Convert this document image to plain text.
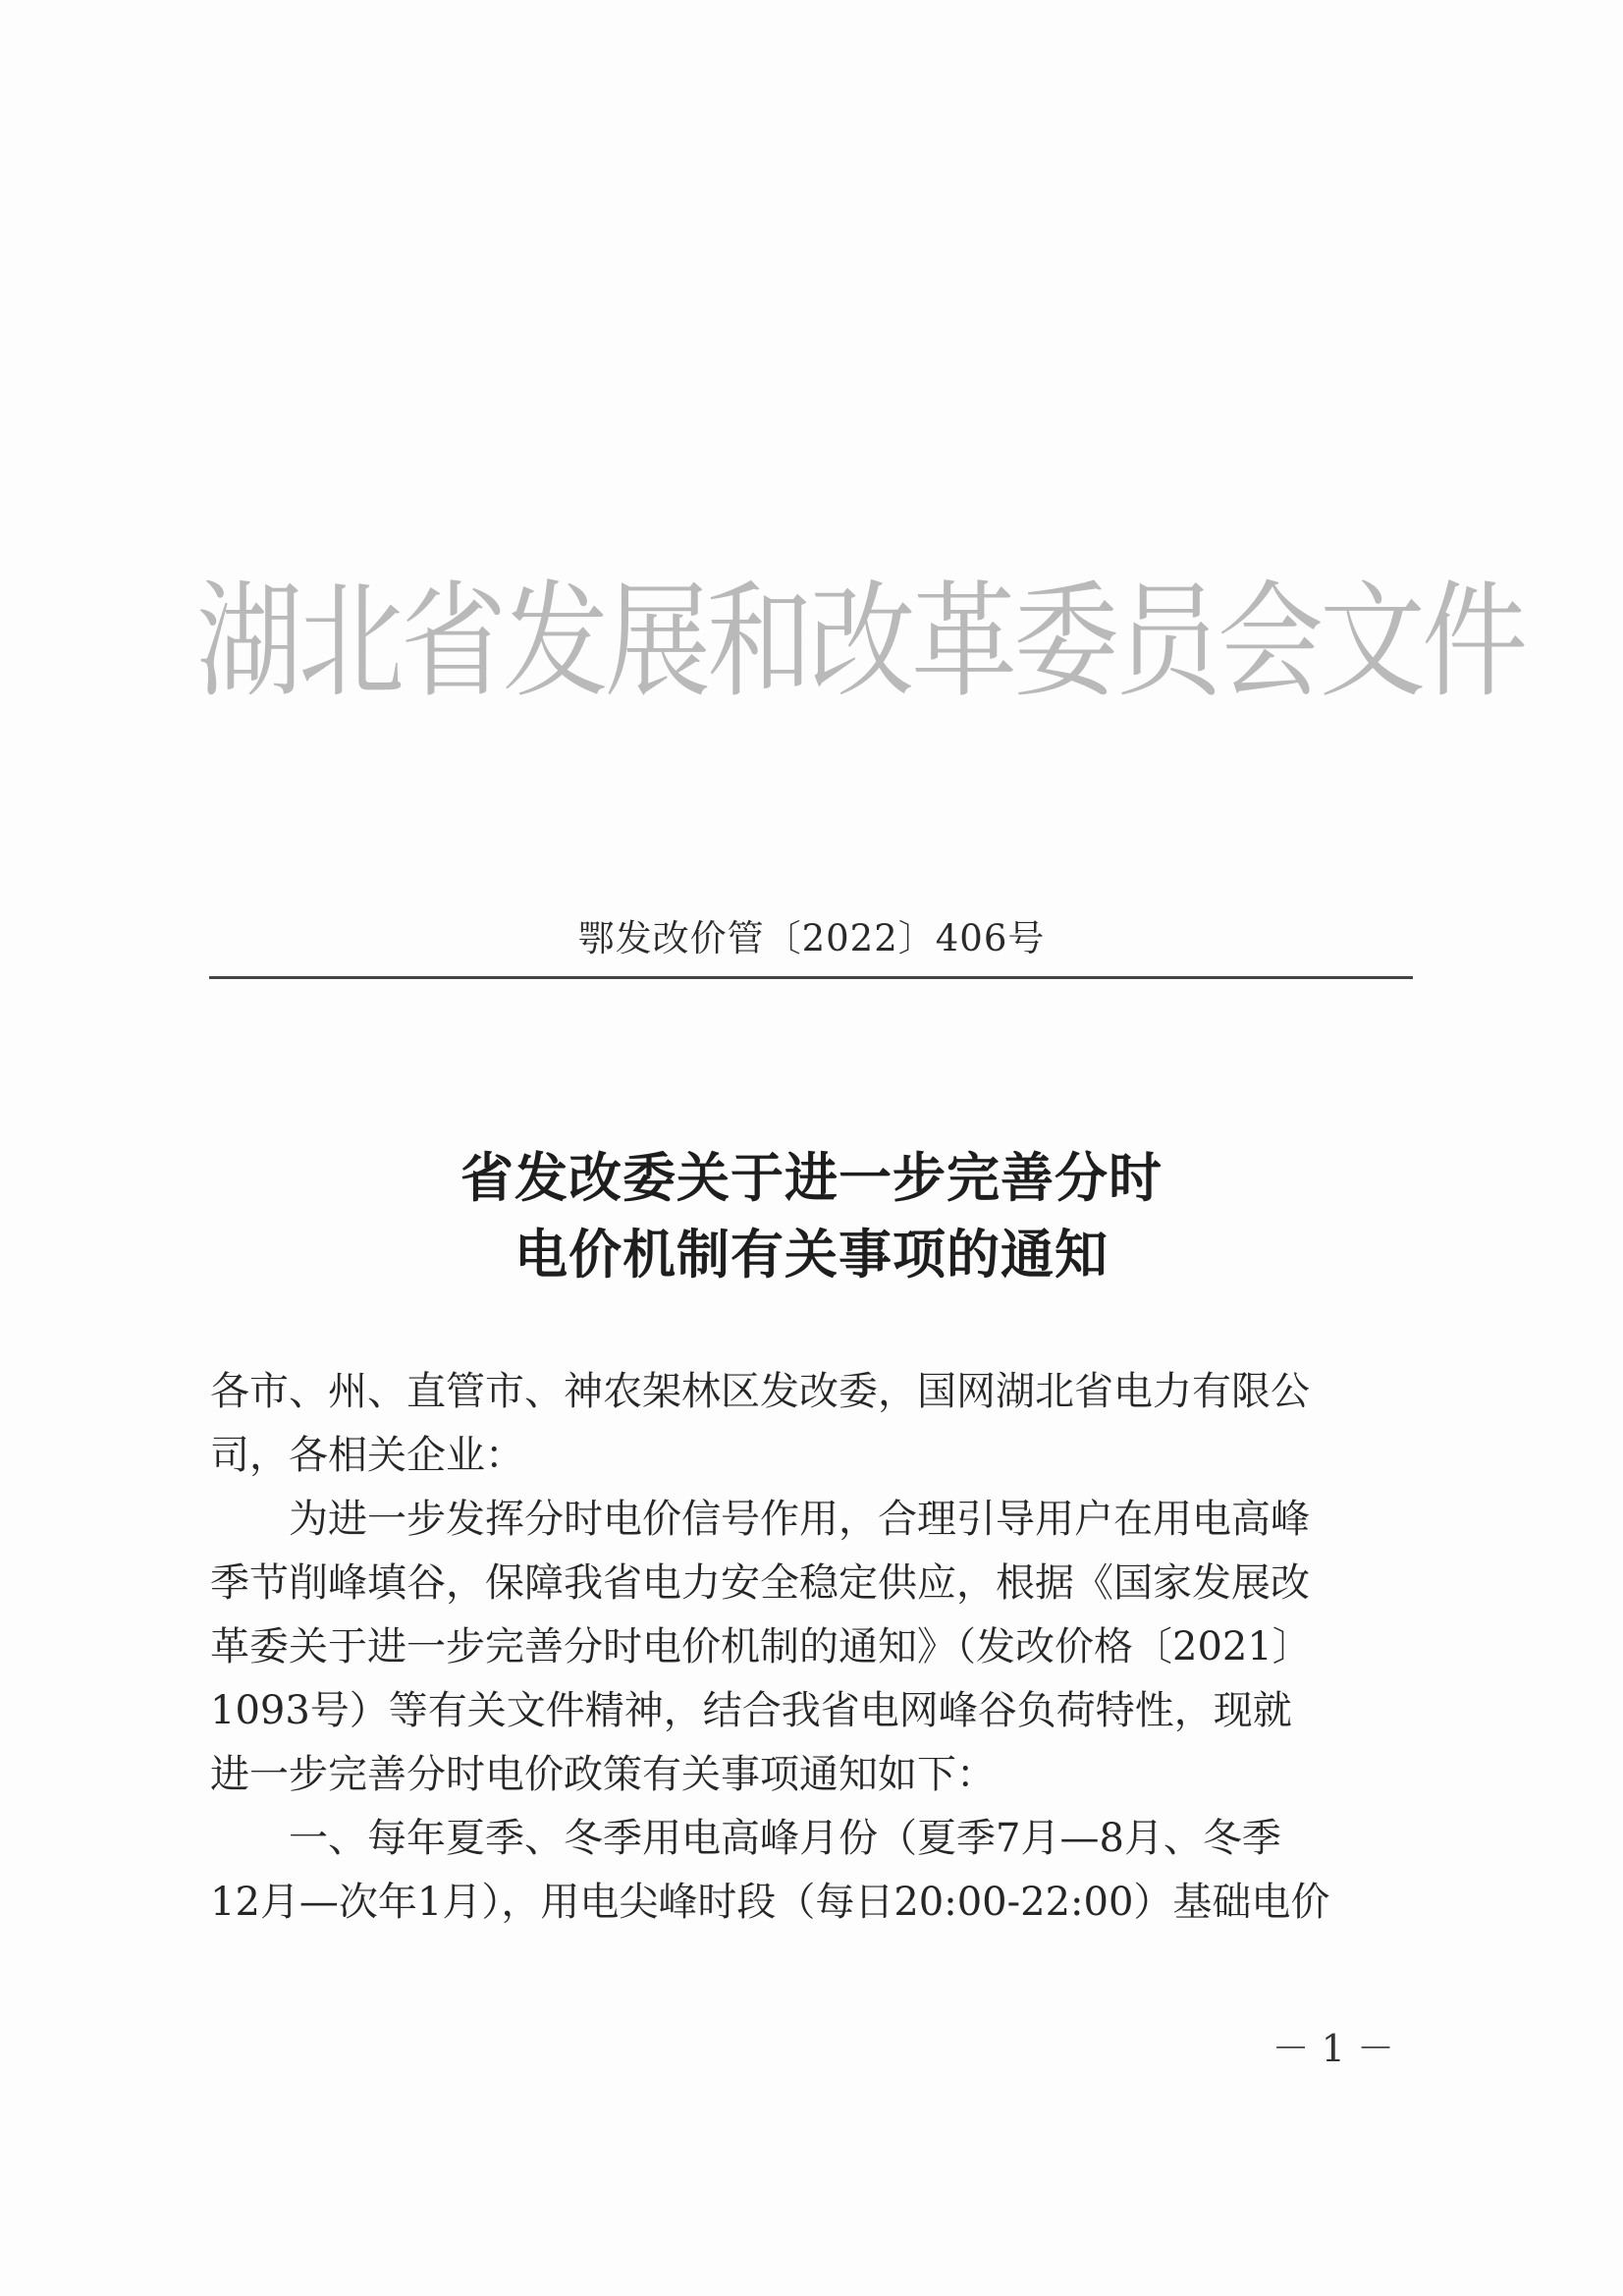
湖北省发展和改革委员会文件
鄂发改价管〔2022〕406号
省发改委关于进一步完善分时
电价机制有关事项的通知

各市、州、直管市、神农架林区发改委，国网湖北省电力有限公
司，各相关企业：

为进一步发挥分时电价信号作用，合理引导用户在用电高峰
季节削峰填谷，保障我省电力安全稳定供应，根据《国家发展改
革委关于进一步完善分时电价机制的通知》（发改价格〔2021〕
1093号）等有关文件精神，结合我省电网峰谷负荷特性，现就
进一步完善分时电价政策有关事项通知如下：

一、每年夏季、冬季用电高峰月份（夏季7月—8月、冬季
12月—次年1月），用电尖峰时段（每日20:00-22:00）基础电价

－ 1 －
